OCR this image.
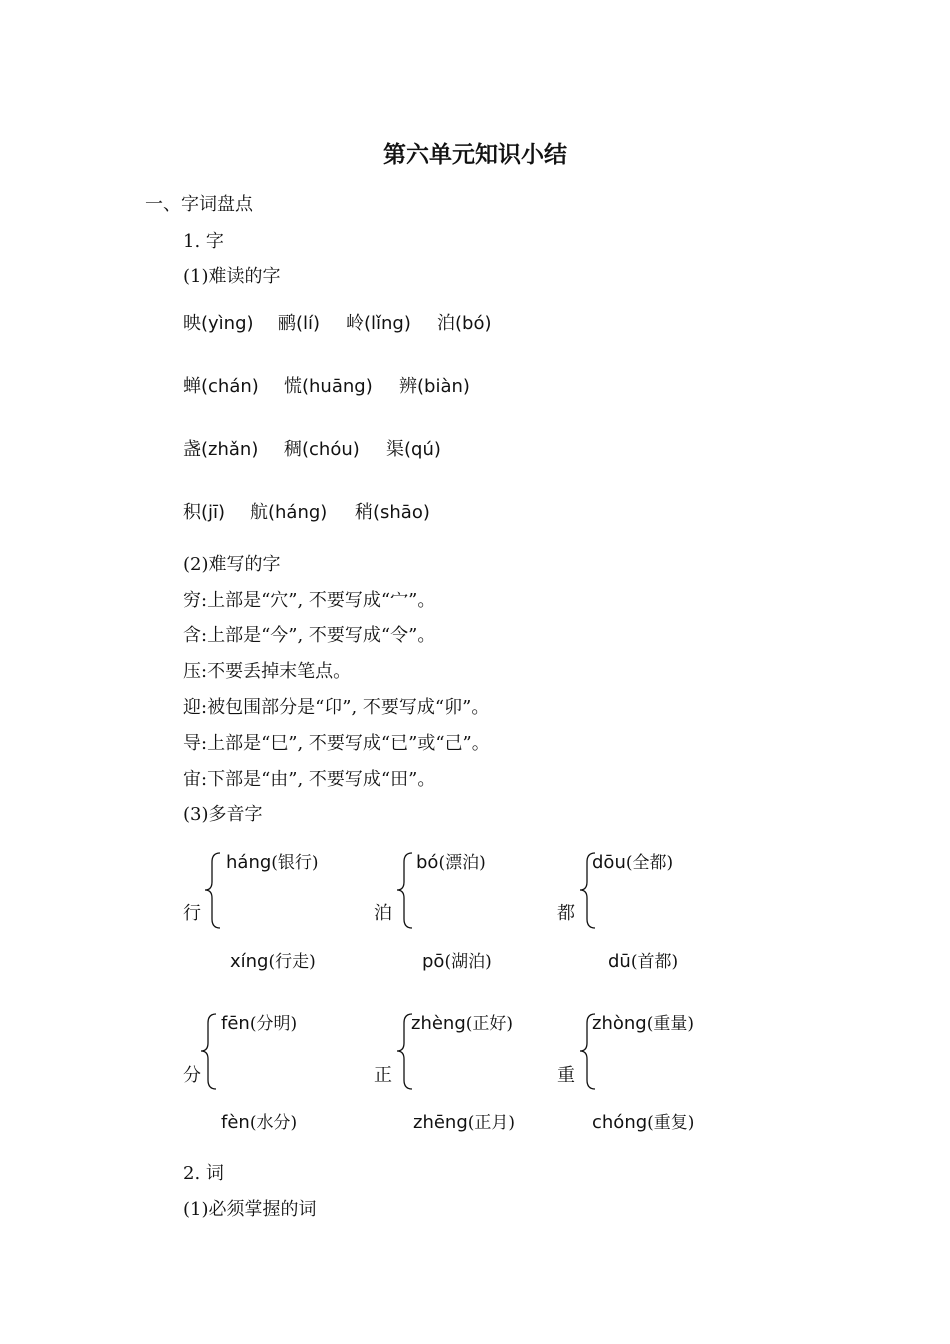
第六单元知识小结
一、字词盘点
1. 字
(1)难读的字
映(yìng) 鹂(lí) 岭(lǐng) 泊(bó)
蝉(chán) 慌(huāng) 辨(biàn)
盏(zhǎn) 稠(chóu) 渠(qú)
积(jī) 航(háng) 稍(shāo)
(2)难写的字
穷:上部是“穴”, 不要写成“宀”。
含:上部是“今”, 不要写成“令”。
压:不要丢掉末笔点。
迎:被包围部分是“卬”, 不要写成“卯”。
导:上部是“巳”, 不要写成“已”或“己”。
宙:下部是“由”, 不要写成“田”。
(3)多音字
行
háng(银行)
xíng(行走)
泊
bó(漂泊)
pō(湖泊)
都
dōu(全都)
dū(首都)
分
fēn(分明)
fèn(水分)
正
zhèng(正好)
zhēng(正月)
重
zhòng(重量)
chóng(重复)
2. 词
(1)必须掌握的词
